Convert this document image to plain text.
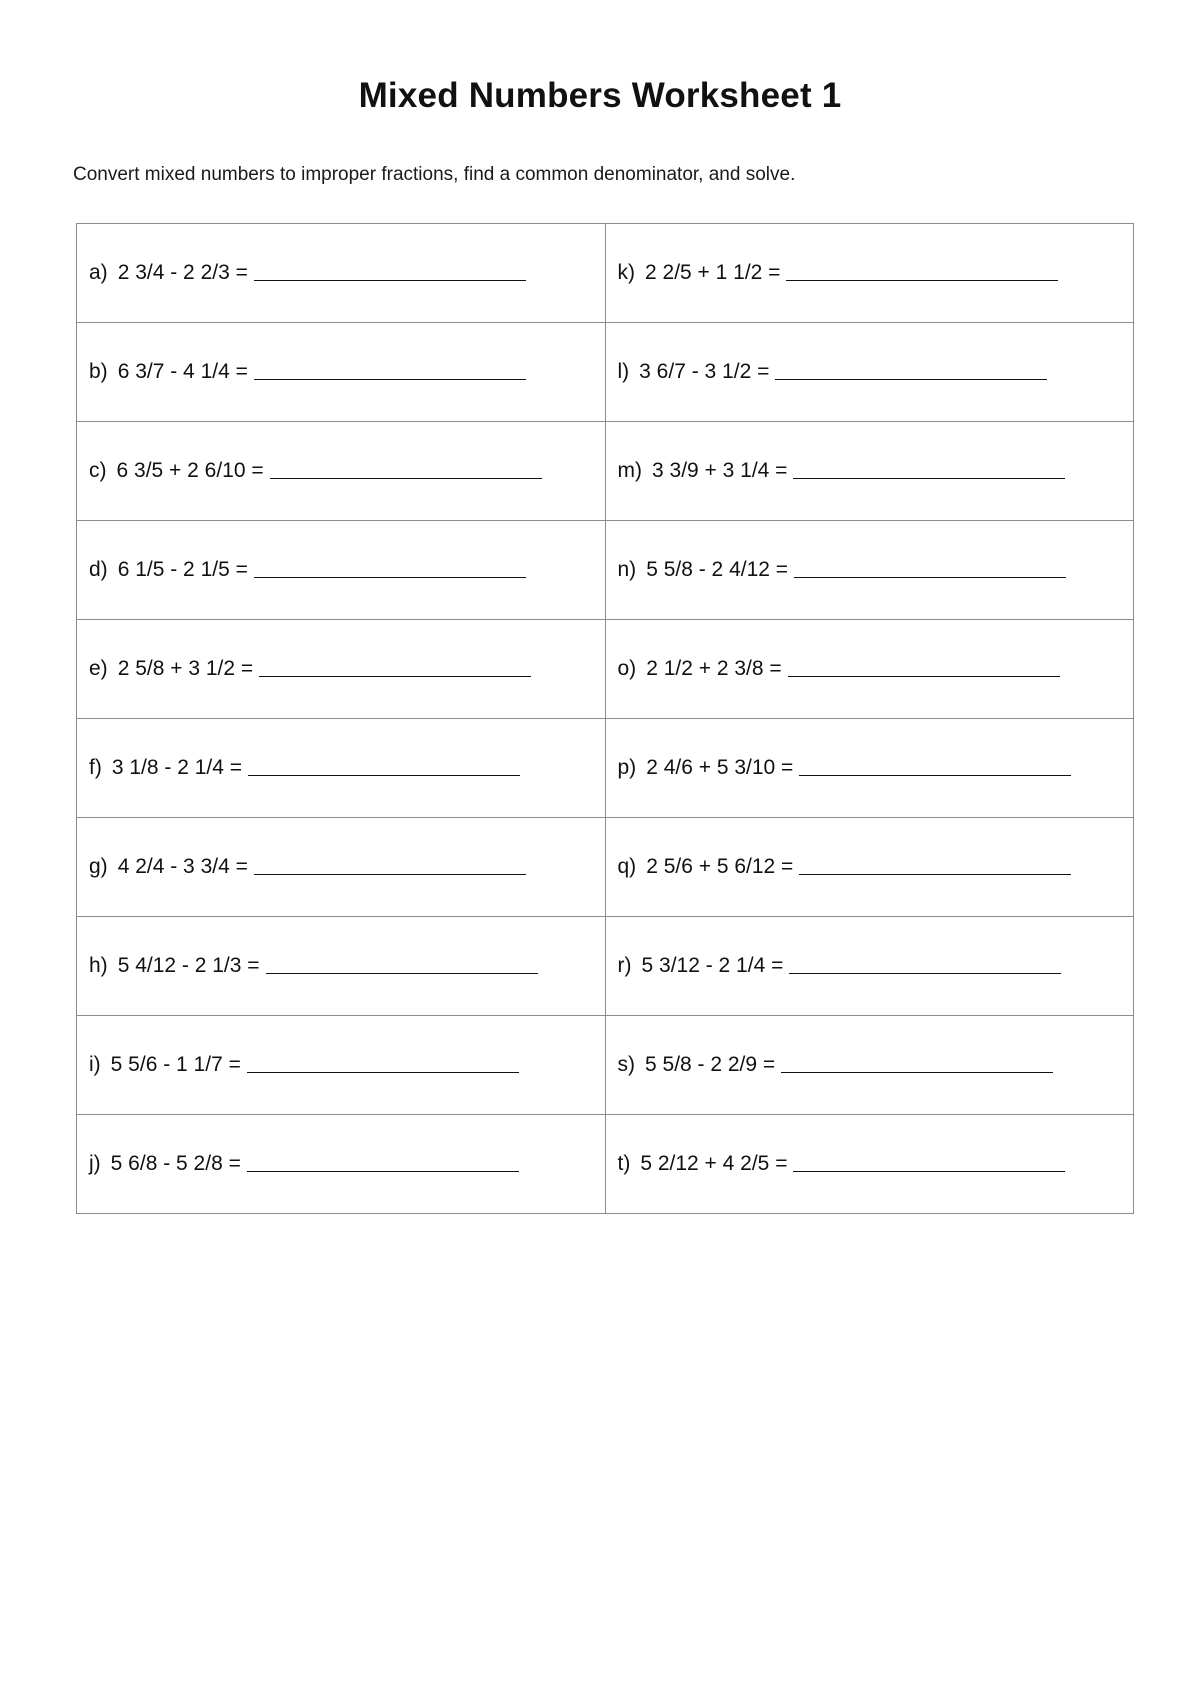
Mixed Numbers Worksheet 1
Convert mixed numbers to improper fractions, find a common denominator, and solve.
a) 2 3/4 - 2 2/3 =	k) 2 2/5 + 1 1/2 =
b) 6 3/7 - 4 1/4 =	l) 3 6/7 - 3 1/2 =
c) 6 3/5 + 2 6/10 =	m) 3 3/9 + 3 1/4 =
d) 6 1/5 - 2 1/5 =	n) 5 5/8 - 2 4/12 =
e) 2 5/8 + 3 1/2 =	o) 2 1/2 + 2 3/8 =
f) 3 1/8 - 2 1/4 =	p) 2 4/6 + 5 3/10 =
g) 4 2/4 - 3 3/4 =	q) 2 5/6 + 5 6/12 =
h) 5 4/12 - 2 1/3 =	r) 5 3/12 - 2 1/4 =
i) 5 5/6 - 1 1/7 =	s) 5 5/8 - 2 2/9 =
j) 5 6/8 - 5 2/8 =	t) 5 2/12 + 4 2/5 =
